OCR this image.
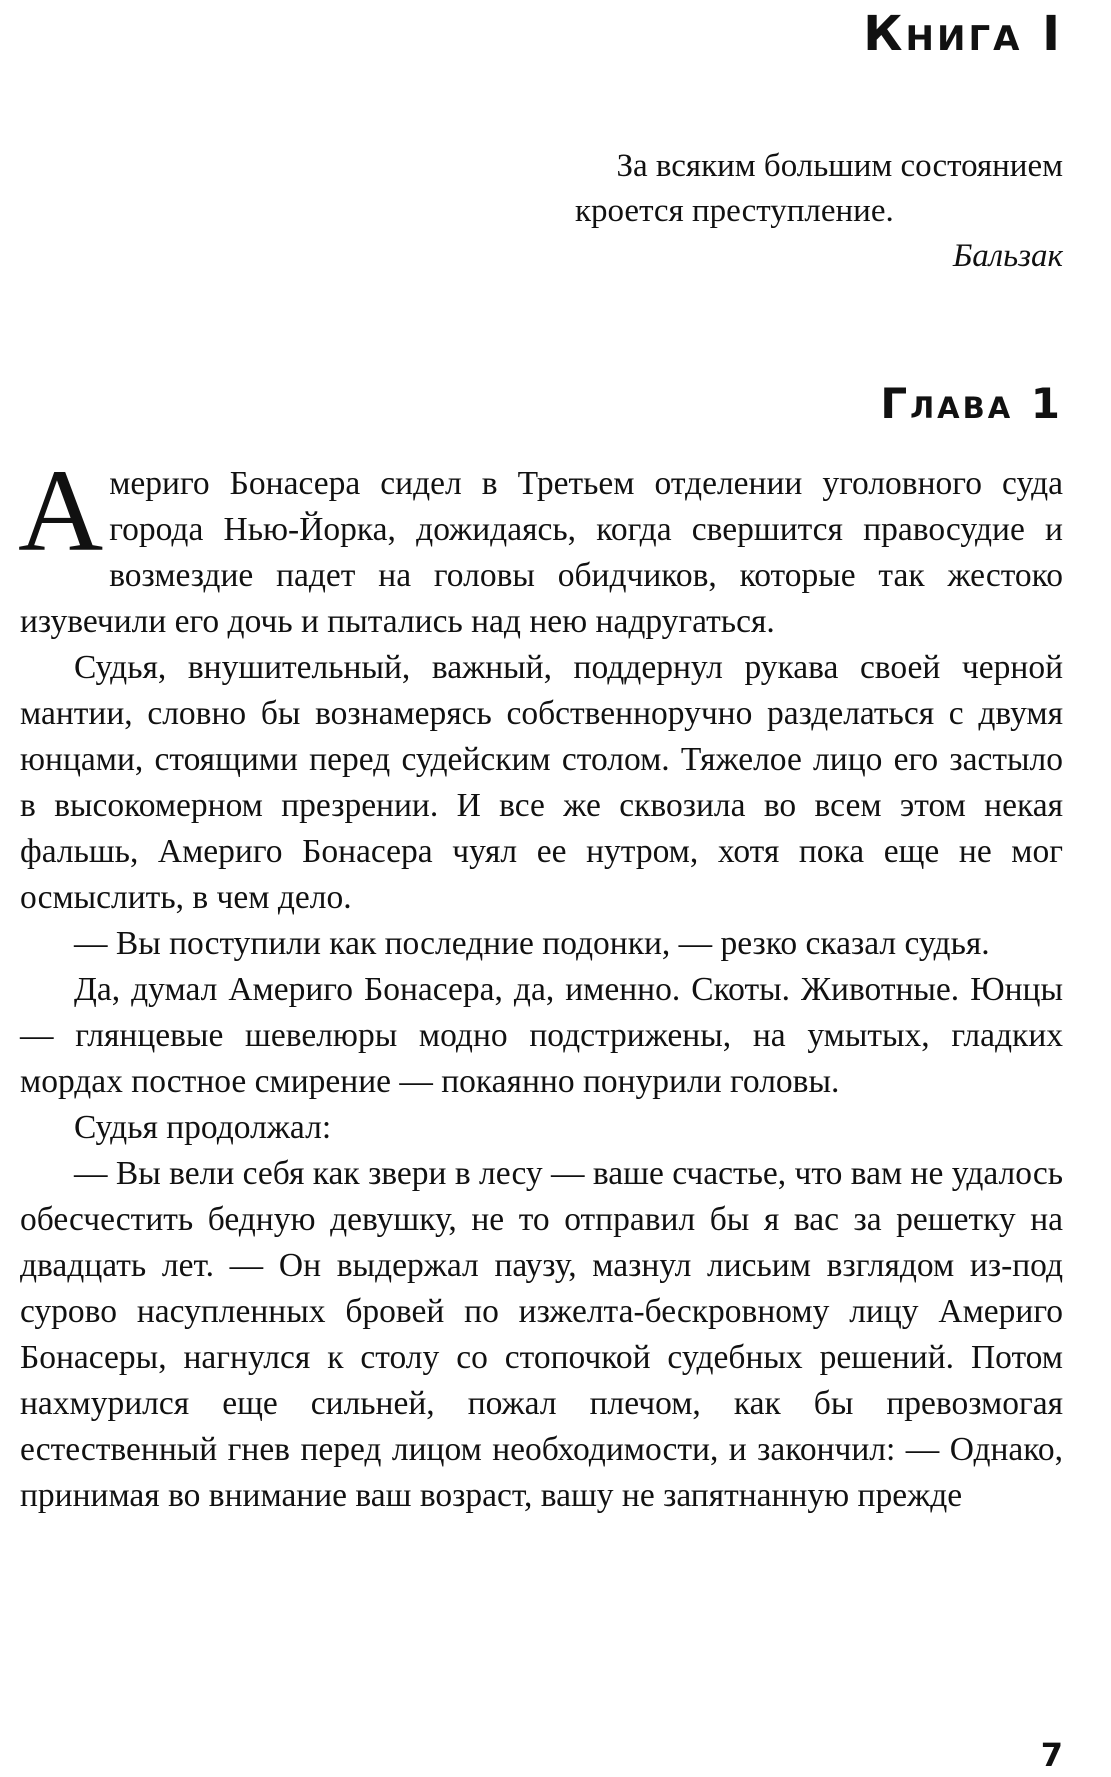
Книга I
За всяким большим состоянием
кроется преступление.
Бальзак
Глава 1

Америго Бонасера сидел в Третьем отделении уголовного суда города Нью-Йорка, дожидаясь, когда свершится правосудие и возмездие падет на головы обидчиков, которые так жестоко изувечили его дочь и пытались над нею надругаться.

Судья, внушительный, важный, поддернул рукава своей черной мантии, словно бы вознамерясь собственноручно разделаться с двумя юнцами, стоящими перед судейским столом. Тяжелое лицо его застыло в высокомерном презрении. И все же сквозила во всем этом некая фальшь, Америго Бонасера чуял ее нутром, хотя пока еще не мог осмыслить, в чем дело.

— Вы поступили как последние подонки, — резко сказал судья.

Да, думал Америго Бонасера, да, именно. Скоты. Животные. Юнцы — глянцевые шевелюры модно подстрижены, на умытых, гладких мордах постное смирение — покаянно понурили головы.

Судья продолжал:

— Вы вели себя как звери в лесу — ваше счастье, что вам не удалось обесчестить бедную девушку, не то отправил бы я вас за решетку на двадцать лет. — Он выдержал паузу, мазнул лисьим взглядом из-под сурово насупленных бровей по изжелта-бескровному лицу Америго Бонасеры, нагнулся к столу со стопочкой судебных решений. Потом нахмурился еще сильней, пожал плечом, как бы превозмогая естественный гнев перед лицом необходимости, и закончил: — Однако, принимая во внимание ваш возраст, вашу не запятнанную прежде

7
